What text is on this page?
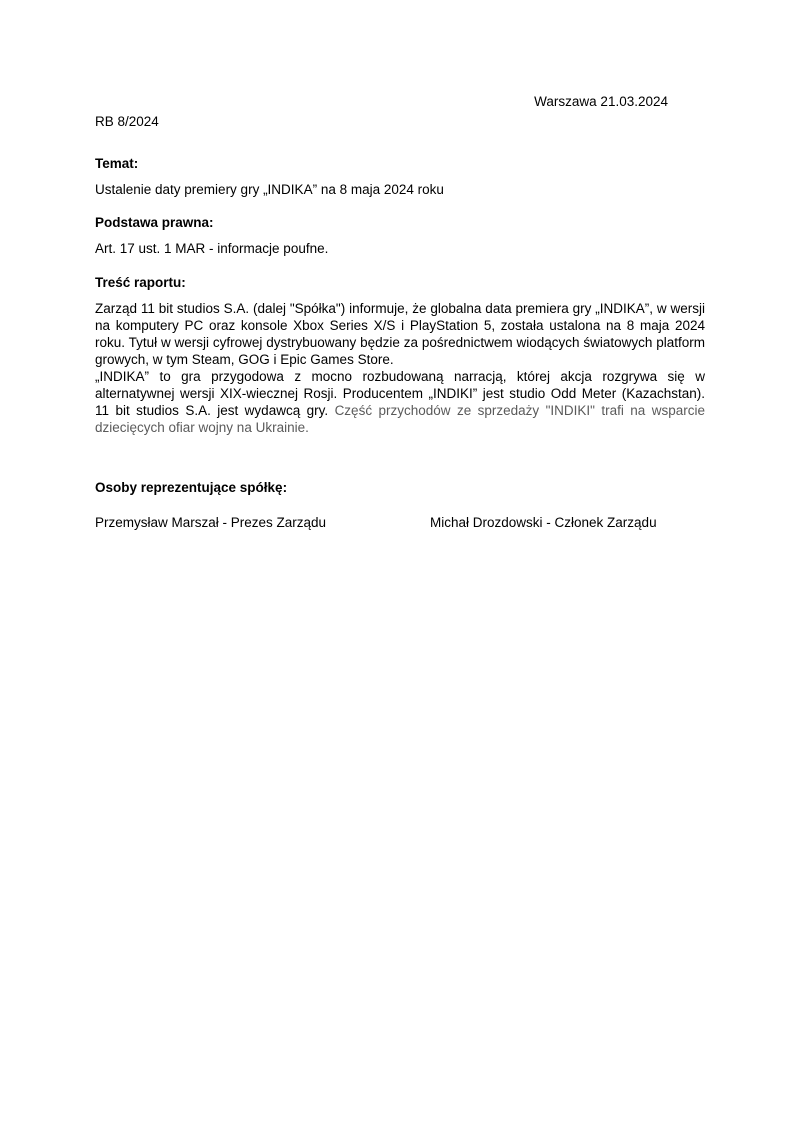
Warszawa 21.03.2024
RB 8/2024

Temat:

Ustalenie daty premiery gry „INDIKA” na 8 maja 2024 roku

Podstawa prawna:

Art. 17 ust. 1 MAR - informacje poufne.

Treść raportu:

Zarząd 11 bit studios S.A. (dalej "Spółka") informuje, że globalna data premiera gry „INDIKA”, w wersji na komputery PC oraz konsole Xbox Series X/S i PlayStation 5, została ustalona na 8 maja 2024 roku. Tytuł w wersji cyfrowej dystrybuowany będzie za pośrednictwem wiodących światowych platform growych, w tym Steam, GOG i Epic Games Store.

„INDIKA” to gra przygodowa z mocno rozbudowaną narracją, której akcja rozgrywa się w alternatywnej wersji XIX-wiecznej Rosji. Producentem „INDIKI” jest studio Odd Meter (Kazachstan). 11 bit studios S.A. jest wydawcą gry. Część przychodów ze sprzedaży "INDIKI" trafi na wsparcie dziecięcych ofiar wojny na Ukrainie.

Osoby reprezentujące spółkę:

Przemysław Marszał - Prezes Zarządu	Michał Drozdowski - Członek Zarządu
